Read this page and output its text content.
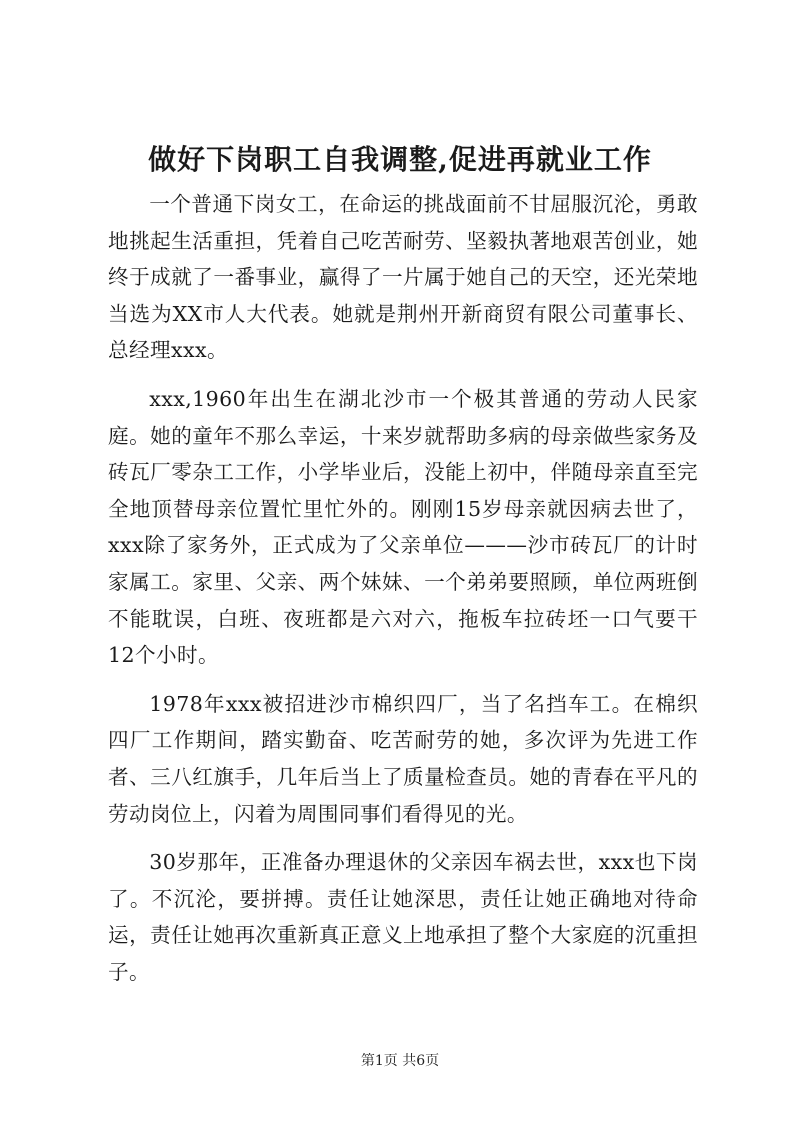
做好下岗职工自我调整,促进再就业工作

一个普通下岗女工，在命运的挑战面前不甘屈服沉沦，勇敢地挑起生活重担，凭着自己吃苦耐劳、坚毅执著地艰苦创业，她终于成就了一番事业，赢得了一片属于她自己的天空，还光荣地当选为XX市人大代表。她就是荆州开新商贸有限公司董事长、总经理xxx。

xxx,1960年出生在湖北沙市一个极其普通的劳动人民家庭。她的童年不那么幸运，十来岁就帮助多病的母亲做些家务及砖瓦厂零杂工工作，小学毕业后，没能上初中，伴随母亲直至完全地顶替母亲位置忙里忙外的。刚刚15岁母亲就因病去世了，xxx除了家务外，正式成为了父亲单位———沙市砖瓦厂的计时家属工。家里、父亲、两个妹妹、一个弟弟要照顾，单位两班倒不能耽误，白班、夜班都是六对六，拖板车拉砖坯一口气要干12个小时。

1978年xxx被招进沙市棉织四厂，当了名挡车工。在棉织四厂工作期间，踏实勤奋、吃苦耐劳的她，多次评为先进工作者、三八红旗手，几年后当上了质量检查员。她的青春在平凡的劳动岗位上，闪着为周围同事们看得见的光。

30岁那年，正准备办理退休的父亲因车祸去世，xxx也下岗了。不沉沦，要拼搏。责任让她深思，责任让她正确地对待命运，责任让她再次重新真正意义上地承担了整个大家庭的沉重担子。

第1页 共6页
